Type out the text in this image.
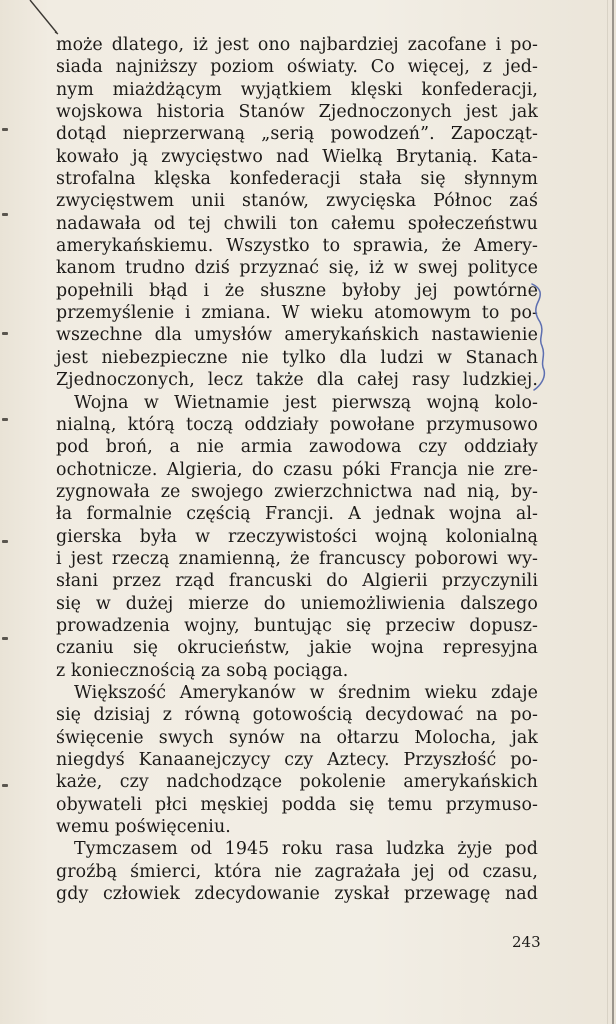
może dlatego, iż jest ono najbardziej zacofane i po-
siada najniższy poziom oświaty. Co więcej, z jed-
nym miażdżącym wyjątkiem klęski konfederacji,
wojskowa historia Stanów Zjednoczonych jest jak
dotąd nieprzerwaną „serią powodzeń”. Zapocząt-
kowało ją zwycięstwo nad Wielką Brytanią. Kata-
strofalna klęska konfederacji stała się słynnym
zwycięstwem unii stanów, zwycięska Północ zaś
nadawała od tej chwili ton całemu społeczeństwu
amerykańskiemu. Wszystko to sprawia, że Amery-
kanom trudno dziś przyznać się, iż w swej polityce
popełnili błąd i że słuszne byłoby jej powtórne
przemyślenie i zmiana. W wieku atomowym to po-
wszechne dla umysłów amerykańskich nastawienie
jest niebezpieczne nie tylko dla ludzi w Stanach
Zjednoczonych, lecz także dla całej rasy ludzkiej.

Wojna w Wietnamie jest pierwszą wojną kolo-
nialną, którą toczą oddziały powołane przymusowo
pod broń, a nie armia zawodowa czy oddziały
ochotnicze. Algieria, do czasu póki Francja nie zre-
zygnowała ze swojego zwierzchnictwa nad nią, by-
ła formalnie częścią Francji. A jednak wojna al-
gierska była w rzeczywistości wojną kolonialną
i jest rzeczą znamienną, że francuscy poborowi wy-
słani przez rząd francuski do Algierii przyczynili
się w dużej mierze do uniemożliwienia dalszego
prowadzenia wojny, buntując się przeciw dopusz-
czaniu się okrucieństw, jakie wojna represyjna
z koniecznością za sobą pociąga.

Większość Amerykanów w średnim wieku zdaje
się dzisiaj z równą gotowością decydować na po-
święcenie swych synów na ołtarzu Molocha, jak
niegdyś Kanaanejczycy czy Aztecy. Przyszłość po-
każe, czy nadchodzące pokolenie amerykańskich
obywateli płci męskiej podda się temu przymuso-
wemu poświęceniu.

Tymczasem od 1945 roku rasa ludzka żyje pod
groźbą śmierci, która nie zagrażała jej od czasu,
gdy człowiek zdecydowanie zyskał przewagę nad

243
